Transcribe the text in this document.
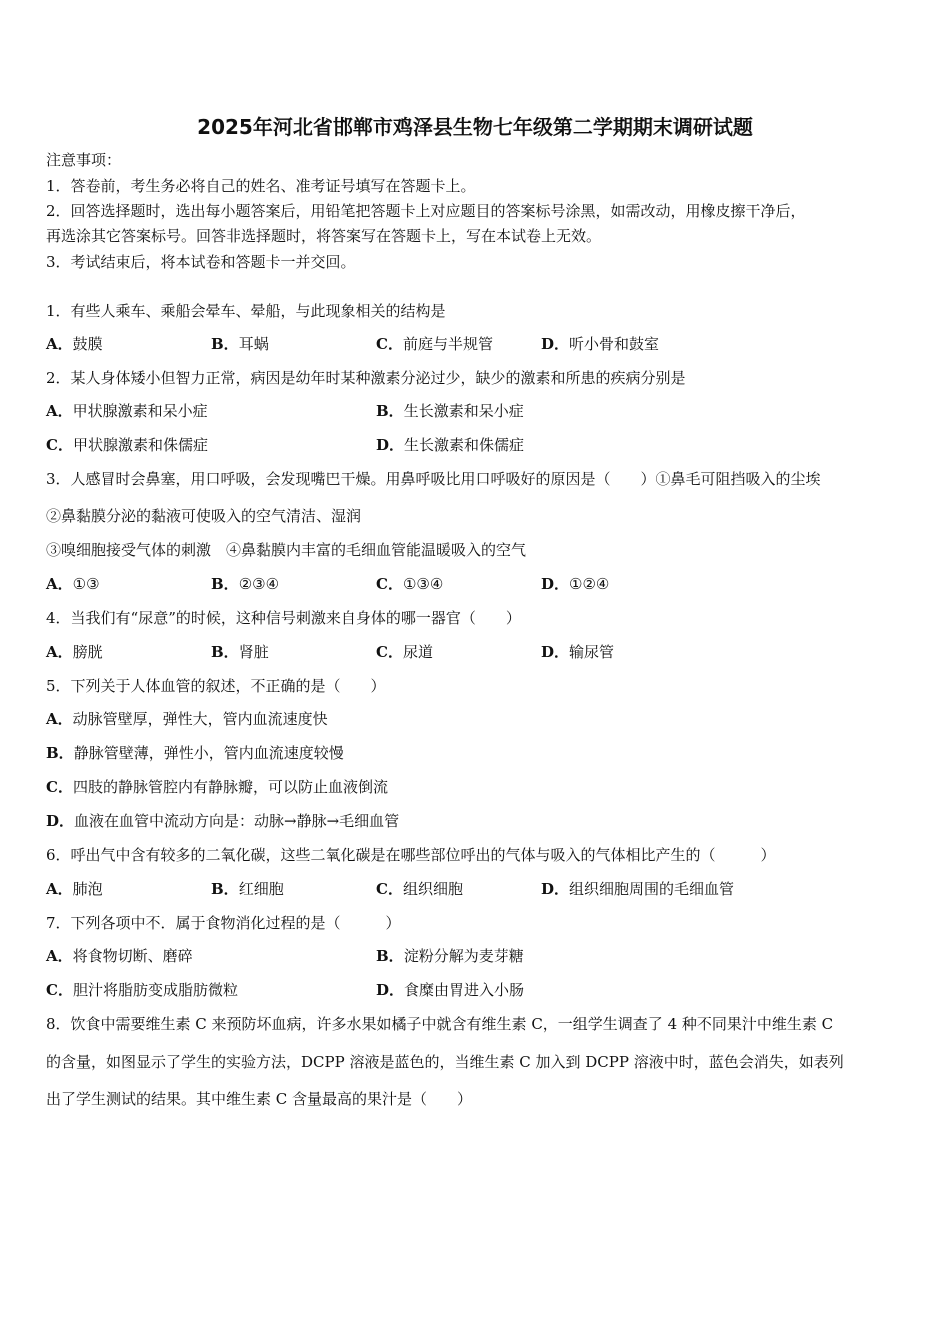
2025年河北省邯郸市鸡泽县生物七年级第二学期期末调研试题
注意事项：
1．答卷前，考生务必将自己的姓名、准考证号填写在答题卡上。
2．回答选择题时，选出每小题答案后，用铅笔把答题卡上对应题目的答案标号涂黑，如需改动，用橡皮擦干净后，
再选涂其它答案标号。回答非选择题时，将答案写在答题卡上，写在本试卷上无效。
3．考试结束后，将本试卷和答题卡一并交回。
1．有些人乘车、乘船会晕车、晕船，与此现象相关的结构是
A．鼓膜	B．耳蜗	C．前庭与半规管	D．听小骨和鼓室
2．某人身体矮小但智力正常，病因是幼年时某种激素分泌过少，缺少的激素和所患的疾病分别是
A．甲状腺激素和呆小症	B．生长激素和呆小症
C．甲状腺激素和侏儒症	D．生长激素和侏儒症
3．人感冒时会鼻塞，用口呼吸，会发现嘴巴干燥。用鼻呼吸比用口呼吸好的原因是（　　）①鼻毛可阻挡吸入的尘埃
②鼻黏膜分泌的黏液可使吸入的空气清洁、湿润
③嗅细胞接受气体的刺激　④鼻黏膜内丰富的毛细血管能温暖吸入的空气
A．①③	B．②③④	C．①③④	D．①②④
4．当我们有“尿意”的时候，这种信号刺激来自身体的哪一器官（　　）
A．膀胱	B．肾脏	C．尿道	D．输尿管
5．下列关于人体血管的叙述，不正确的是（　　）
A．动脉管壁厚，弹性大，管内血流速度快
B．静脉管壁薄，弹性小，管内血流速度较慢
C．四肢的静脉管腔内有静脉瓣，可以防止血液倒流
D．血液在血管中流动方向是：动脉→静脉→毛细血管
6．呼出气中含有较多的二氧化碳，这些二氧化碳是在哪些部位呼出的气体与吸入的气体相比产生的（　　　）
A．肺泡	B．红细胞	C．组织细胞	D．组织细胞周围的毛细血管
7．下列各项中不．属于食物消化过程的是（　　　）
A．将食物切断、磨碎	B．淀粉分解为麦芽糖
C．胆汁将脂肪变成脂肪微粒	D．食糜由胃进入小肠
8．饮食中需要维生素 C 来预防坏血病，许多水果如橘子中就含有维生素 C，一组学生调查了 4 种不同果汁中维生素 C
的含量，如图显示了学生的实验方法，DCPP 溶液是蓝色的，当维生素 C 加入到 DCPP 溶液中时，蓝色会消失，如表列
出了学生测试的结果。其中维生素 C 含量最高的果汁是（　　）
